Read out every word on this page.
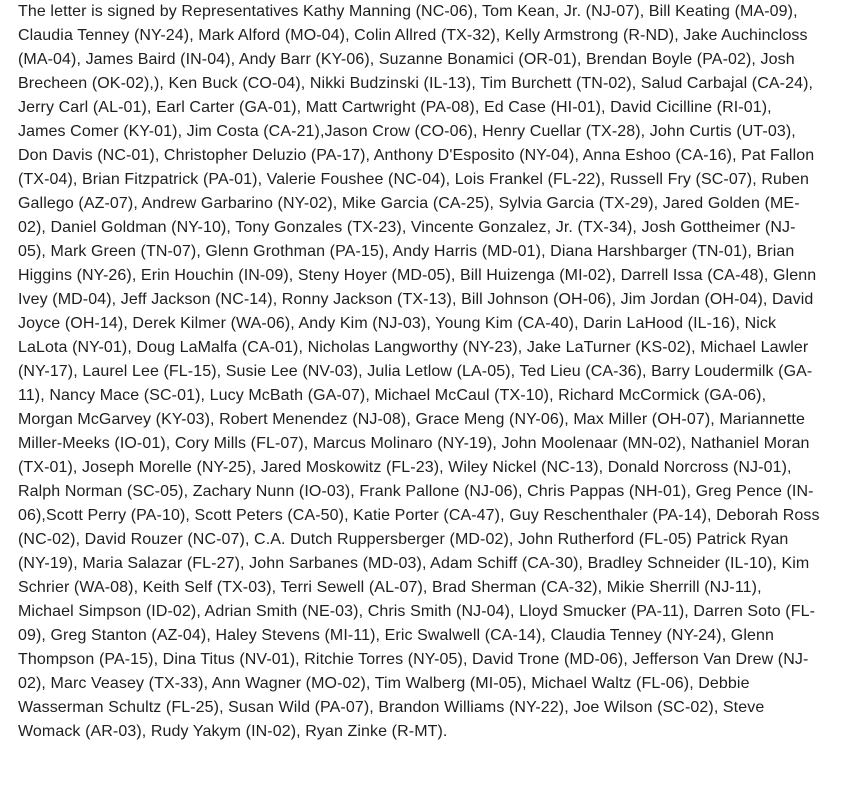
The letter is signed by Representatives Kathy Manning (NC-06), Tom Kean, Jr. (NJ-07), Bill Keating (MA-09), Claudia Tenney (NY-24), Mark Alford (MO-04), Colin Allred (TX-32), Kelly Armstrong (R-ND), Jake Auchincloss (MA-04), James Baird (IN-04), Andy Barr (KY-06), Suzanne Bonamici (OR-01), Brendan Boyle (PA-02), Josh Brecheen (OK-02),), Ken Buck (CO-04), Nikki Budzinski (IL-13), Tim Burchett (TN-02), Salud Carbajal (CA-24), Jerry Carl (AL-01), Earl Carter (GA-01), Matt Cartwright (PA-08), Ed Case (HI-01), David Cicilline (RI-01), James Comer (KY-01), Jim Costa (CA-21),Jason Crow (CO-06), Henry Cuellar (TX-28), John Curtis (UT-03), Don Davis (NC-01), Christopher Deluzio (PA-17), Anthony D'Esposito (NY-04), Anna Eshoo (CA-16), Pat Fallon (TX-04), Brian Fitzpatrick (PA-01), Valerie Foushee (NC-04), Lois Frankel (FL-22), Russell Fry (SC-07), Ruben Gallego (AZ-07), Andrew Garbarino (NY-02), Mike Garcia (CA-25), Sylvia Garcia (TX-29), Jared Golden (ME-02), Daniel Goldman (NY-10), Tony Gonzales (TX-23), Vincente Gonzalez, Jr. (TX-34), Josh Gottheimer (NJ-05), Mark Green (TN-07), Glenn Grothman (PA-15), Andy Harris (MD-01), Diana Harshbarger (TN-01), Brian Higgins (NY-26), Erin Houchin (IN-09), Steny Hoyer (MD-05), Bill Huizenga (MI-02), Darrell Issa (CA-48), Glenn Ivey (MD-04), Jeff Jackson (NC-14), Ronny Jackson (TX-13), Bill Johnson (OH-06), Jim Jordan (OH-04), David Joyce (OH-14), Derek Kilmer (WA-06), Andy Kim (NJ-03), Young Kim (CA-40), Darin LaHood (IL-16), Nick LaLota (NY-01), Doug LaMalfa (CA-01), Nicholas Langworthy (NY-23), Jake LaTurner (KS-02), Michael Lawler (NY-17), Laurel Lee (FL-15), Susie Lee (NV-03), Julia Letlow (LA-05), Ted Lieu (CA-36), Barry Loudermilk (GA-11), Nancy Mace (SC-01), Lucy McBath (GA-07), Michael McCaul (TX-10), Richard McCormick (GA-06), Morgan McGarvey (KY-03), Robert Menendez (NJ-08), Grace Meng (NY-06), Max Miller (OH-07), Mariannette Miller-Meeks (IO-01), Cory Mills (FL-07), Marcus Molinaro (NY-19), John Moolenaar (MN-02), Nathaniel Moran (TX-01), Joseph Morelle (NY-25), Jared Moskowitz (FL-23), Wiley Nickel (NC-13), Donald Norcross (NJ-01), Ralph Norman (SC-05), Zachary Nunn (IO-03), Frank Pallone (NJ-06), Chris Pappas (NH-01), Greg Pence (IN-06),Scott Perry (PA-10), Scott Peters (CA-50), Katie Porter (CA-47), Guy Reschenthaler (PA-14), Deborah Ross (NC-02), David Rouzer (NC-07), C.A. Dutch Ruppersberger (MD-02), John Rutherford (FL-05) Patrick Ryan (NY-19), Maria Salazar (FL-27), John Sarbanes (MD-03), Adam Schiff (CA-30), Bradley Schneider (IL-10), Kim Schrier (WA-08), Keith Self (TX-03), Terri Sewell (AL-07), Brad Sherman (CA-32), Mikie Sherrill (NJ-11), Michael Simpson (ID-02), Adrian Smith (NE-03), Chris Smith (NJ-04), Lloyd Smucker (PA-11), Darren Soto (FL-09), Greg Stanton (AZ-04), Haley Stevens (MI-11), Eric Swalwell (CA-14), Claudia Tenney (NY-24), Glenn Thompson (PA-15), Dina Titus (NV-01), Ritchie Torres (NY-05), David Trone (MD-06), Jefferson Van Drew (NJ-02), Marc Veasey (TX-33), Ann Wagner (MO-02), Tim Walberg (MI-05), Michael Waltz (FL-06), Debbie Wasserman Schultz (FL-25), Susan Wild (PA-07), Brandon Williams (NY-22), Joe Wilson (SC-02), Steve Womack (AR-03), Rudy Yakym (IN-02), Ryan Zinke (R-MT).
